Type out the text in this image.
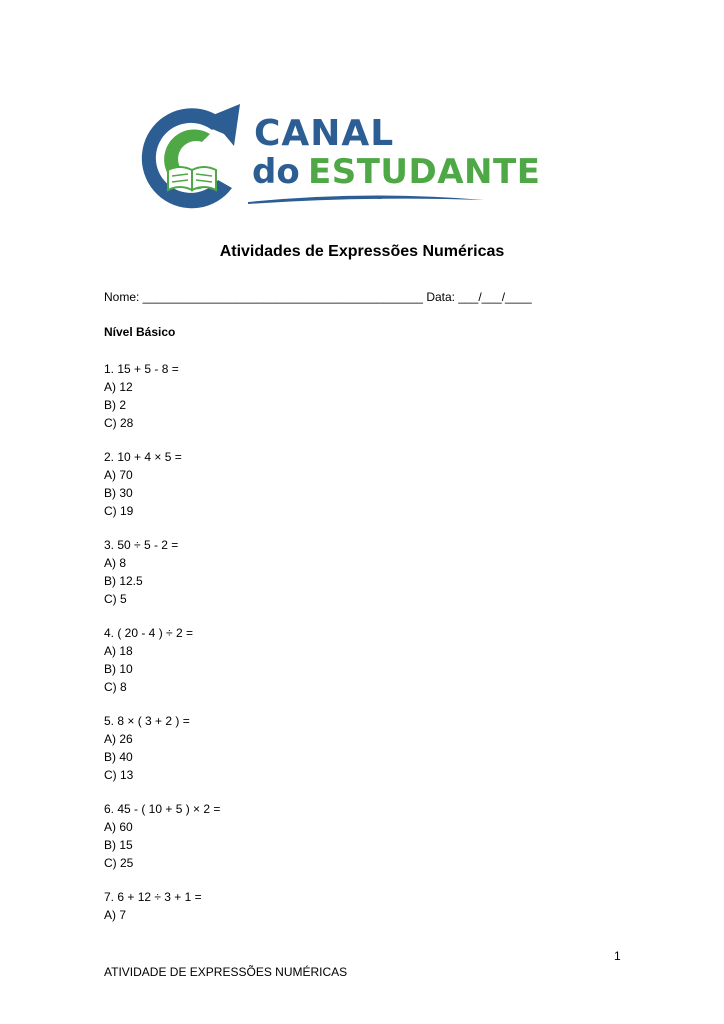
CANAL
do ESTUDANTE
Atividades de Expressões Numéricas
Nome: __________________________________________ Data: ___/___/____
Nível Básico
1. 15 + 5 - 8 =
A) 12
B) 2
C) 28
2. 10 + 4 × 5 =
A) 70
B) 30
C) 19
3. 50 ÷ 5 - 2 =
A) 8
B) 12.5
C) 5
4. ( 20 - 4 ) ÷ 2 =
A) 18
B) 10
C) 8
5. 8 × ( 3 + 2 ) =
A) 26
B) 40
C) 13
6. 45 - ( 10 + 5 ) × 2 =
A) 60
B) 15
C) 25
7. 6 + 12 ÷ 3 + 1 =
A) 7
1
ATIVIDADE DE EXPRESSÕES NUMÉRICAS
